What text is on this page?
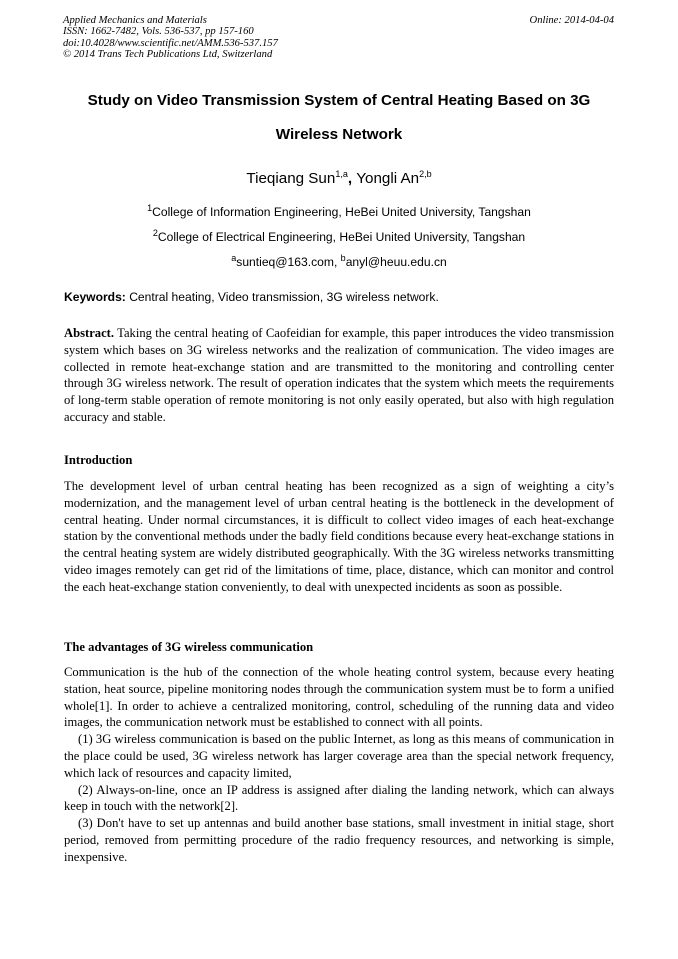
Applied Mechanics and Materials
ISSN: 1662-7482, Vols. 536-537, pp 157-160
doi:10.4028/www.scientific.net/AMM.536-537.157
© 2014 Trans Tech Publications Ltd, Switzerland
Online: 2014-04-04
Study on Video Transmission System of Central Heating Based on 3G
Wireless Network
Tieqiang Sun$^{1,a}$, Yongli An$^{2,b}$
$^1$College of Information Engineering, HeBei United University, Tangshan
$^2$College of Electrical Engineering, HeBei United University, Tangshan
$^a$suntieq@163.com, $^b$anyl@heuu.edu.cn
Keywords: Central heating, Video transmission, 3G wireless network.

Abstract. Taking the central heating of Caofeidian for example, this paper introduces the video transmission system which bases on 3G wireless networks and the realization of communication. The video images are collected in remote heat-exchange station and are transmitted to the monitoring and controlling center through 3G wireless network. The result of operation indicates that the system which meets the requirements of long-term stable operation of remote monitoring is not only easily operated, but also with high regulation accuracy and stable.

Introduction

The development level of urban central heating has been recognized as a sign of weighting a city’s modernization, and the management level of urban central heating is the bottleneck in the development of central heating. Under normal circumstances, it is difficult to collect video images of each heat-exchange station by the conventional methods under the badly field conditions because every heat-exchange stations in the central heating system are widely distributed geographically. With the 3G wireless networks transmitting video images remotely can get rid of the limitations of time, place, distance, which can monitor and control the each heat-exchange station conveniently, to deal with unexpected incidents as soon as possible.

The advantages of 3G wireless communication

Communication is the hub of the connection of the whole heating control system, because every heating station, heat source, pipeline monitoring nodes through the communication system must be to form a unified whole[1]. In order to achieve a centralized monitoring, control, scheduling of the running data and video images, the communication network must be established to connect with all points.

(1) 3G wireless communication is based on the public Internet, as long as this means of communication in the place could be used, 3G wireless network has larger coverage area than the special network frequency, which lack of resources and capacity limited,

(2) Always-on-line, once an IP address is assigned after dialing the landing network, which can always keep in touch with the network[2].

(3) Don't have to set up antennas and build another base stations, small investment in initial stage, short period, removed from permitting procedure of the radio frequency resources, and networking is simple, inexpensive.
